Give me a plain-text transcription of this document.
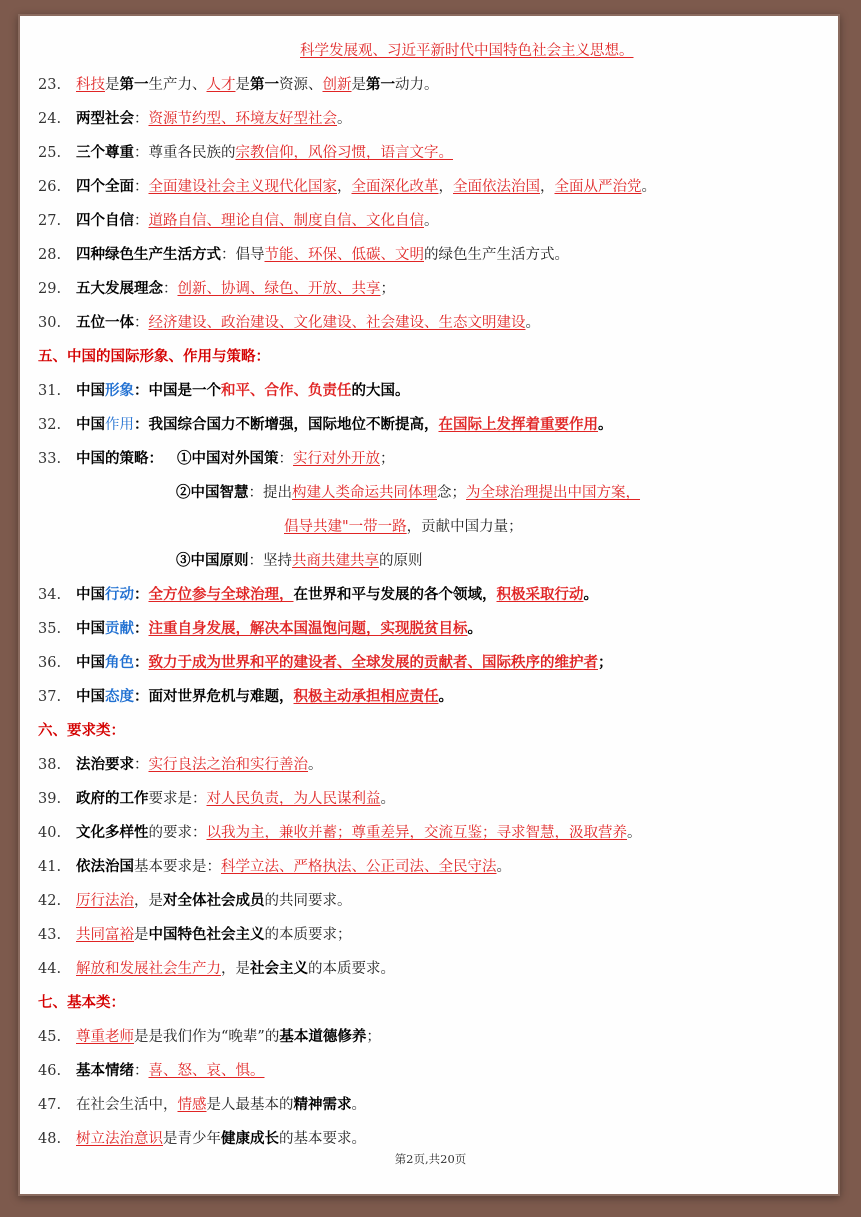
科学发展观、习近平新时代中国特色社会主义思想。
23. 科技是第一生产力、人才是第一资源、创新是第一动力。
24. 两型社会：资源节约型、环境友好型社会。
25. 三个尊重：尊重各民族的宗教信仰，风俗习惯，语言文字。
26. 四个全面：全面建设社会主义现代化国家，全面深化改革，全面依法治国，全面从严治党。
27. 四个自信：道路自信、理论自信、制度自信、文化自信。
28. 四种绿色生产生活方式：倡导节能、环保、低碳、文明的绿色生产生活方式。
29. 五大发展理念：创新、协调、绿色、开放、共享；
30. 五位一体：经济建设、政治建设、文化建设、社会建设、生态文明建设。
五、中国的国际形象、作用与策略：
31. 中国形象：中国是一个和平、合作、负责任的大国。
32. 中国作用：我国综合国力不断增强，国际地位不断提高，在国际上发挥着重要作用。
33. 中国的策略： ①中国对外国策：实行对外开放；
②中国智慧：提出构建人类命运共同体理念；为全球治理提出中国方案，
倡导共建"一带一路，贡献中国力量；
③中国原则：坚持共商共建共享的原则
34. 中国行动：全方位参与全球治理，在世界和平与发展的各个领域，积极采取行动。
35. 中国贡献：注重自身发展，解决本国温饱问题，实现脱贫目标。
36. 中国角色：致力于成为世界和平的建设者、全球发展的贡献者、国际秩序的维护者；
37. 中国态度：面对世界危机与难题，积极主动承担相应责任。
六、要求类：
38. 法治要求：实行良法之治和实行善治。
39. 政府的工作要求是：对人民负责，为人民谋利益。
40. 文化多样性的要求：以我为主，兼收并蓄；尊重差异，交流互鉴；寻求智慧，汲取营养。
41. 依法治国基本要求是：科学立法、严格执法、公正司法、全民守法。
42. 厉行法治，是对全体社会成员的共同要求。
43. 共同富裕是中国特色社会主义的本质要求；
44. 解放和发展社会生产力，是社会主义的本质要求。
七、基本类：
45. 尊重老师是是我们作为“晚辈”的基本道德修养；
46. 基本情绪：喜、怒、哀、惧。
47. 在社会生活中，情感是人最基本的精神需求。
48. 树立法治意识是青少年健康成长的基本要求。
第2页,共20页
